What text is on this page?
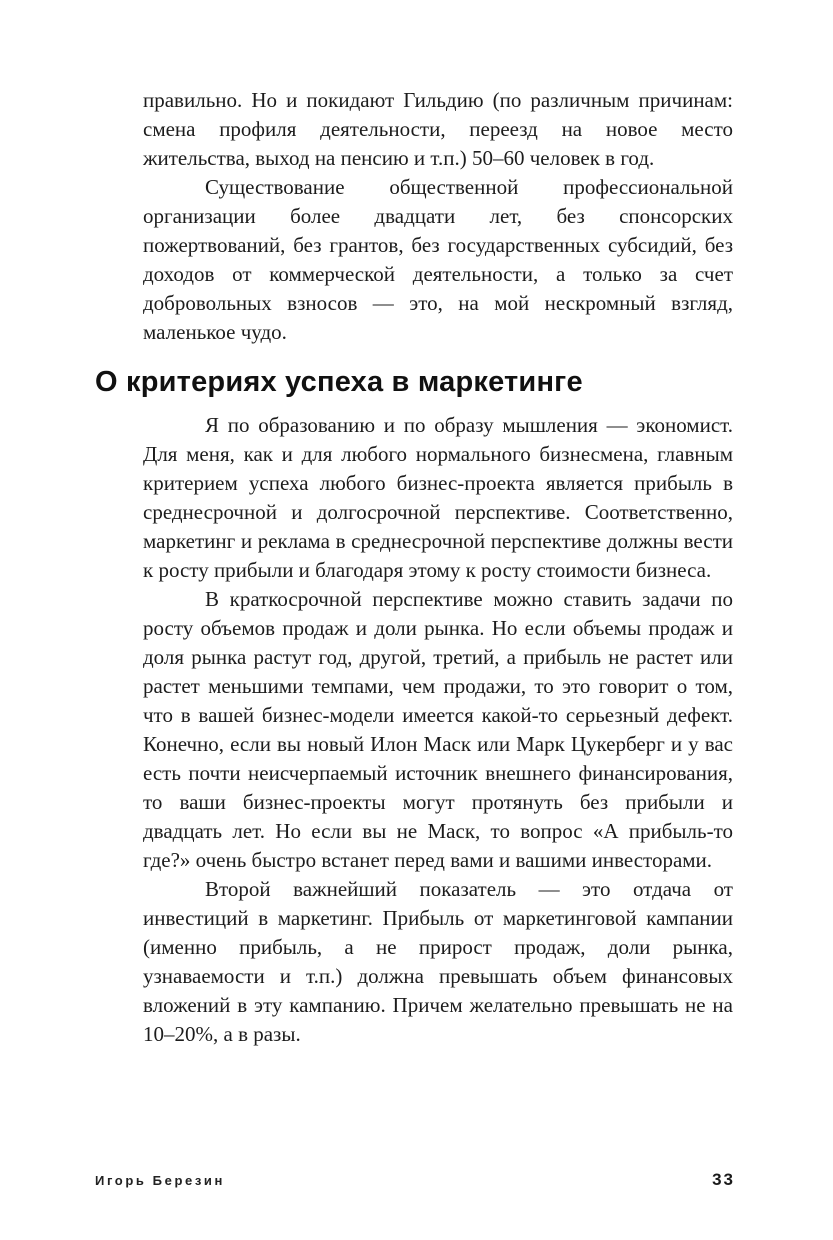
правильно. Но и покидают Гильдию (по различным причинам: смена профиля деятельности, переезд на новое место жительства, выход на пенсию и т.п.) 50–60 человек в год.

Существование общественной профессиональной организации более двадцати лет, без спонсорских пожертвований, без грантов, без государственных субсидий, без доходов от коммерческой деятельности, а только за счет добровольных взносов — это, на мой нескромный взгляд, маленькое чудо.

О критериях успеха в маркетинге

Я по образованию и по образу мышления — экономист. Для меня, как и для любого нормального бизнесмена, главным критерием успеха любого бизнес-проекта является прибыль в среднесрочной и долгосрочной перспективе. Соответственно, маркетинг и реклама в среднесрочной перспективе должны вести к росту прибыли и благодаря этому к росту стоимости бизнеса.

В краткосрочной перспективе можно ставить задачи по росту объемов продаж и доли рынка. Но если объемы продаж и доля рынка растут год, другой, третий, а прибыль не растет или растет меньшими темпами, чем продажи, то это говорит о том, что в вашей бизнес-модели имеется какой-то серьезный дефект. Конечно, если вы новый Илон Маск или Марк Цукерберг и у вас есть почти неисчерпаемый источник внешнего финансирования, то ваши бизнес-проекты могут протянуть без прибыли и двадцать лет. Но если вы не Маск, то вопрос «А прибыль-то где?» очень быстро встанет перед вами и вашими инвесторами.

Второй важнейший показатель — это отдача от инвестиций в маркетинг. Прибыль от маркетинговой кампании (именно прибыль, а не прирост продаж, доли рынка, узнаваемости и т.п.) должна превышать объем финансовых вложений в эту кампанию. Причем желательно превышать не на 10–20%, а в разы.

Игорь Березин	33
